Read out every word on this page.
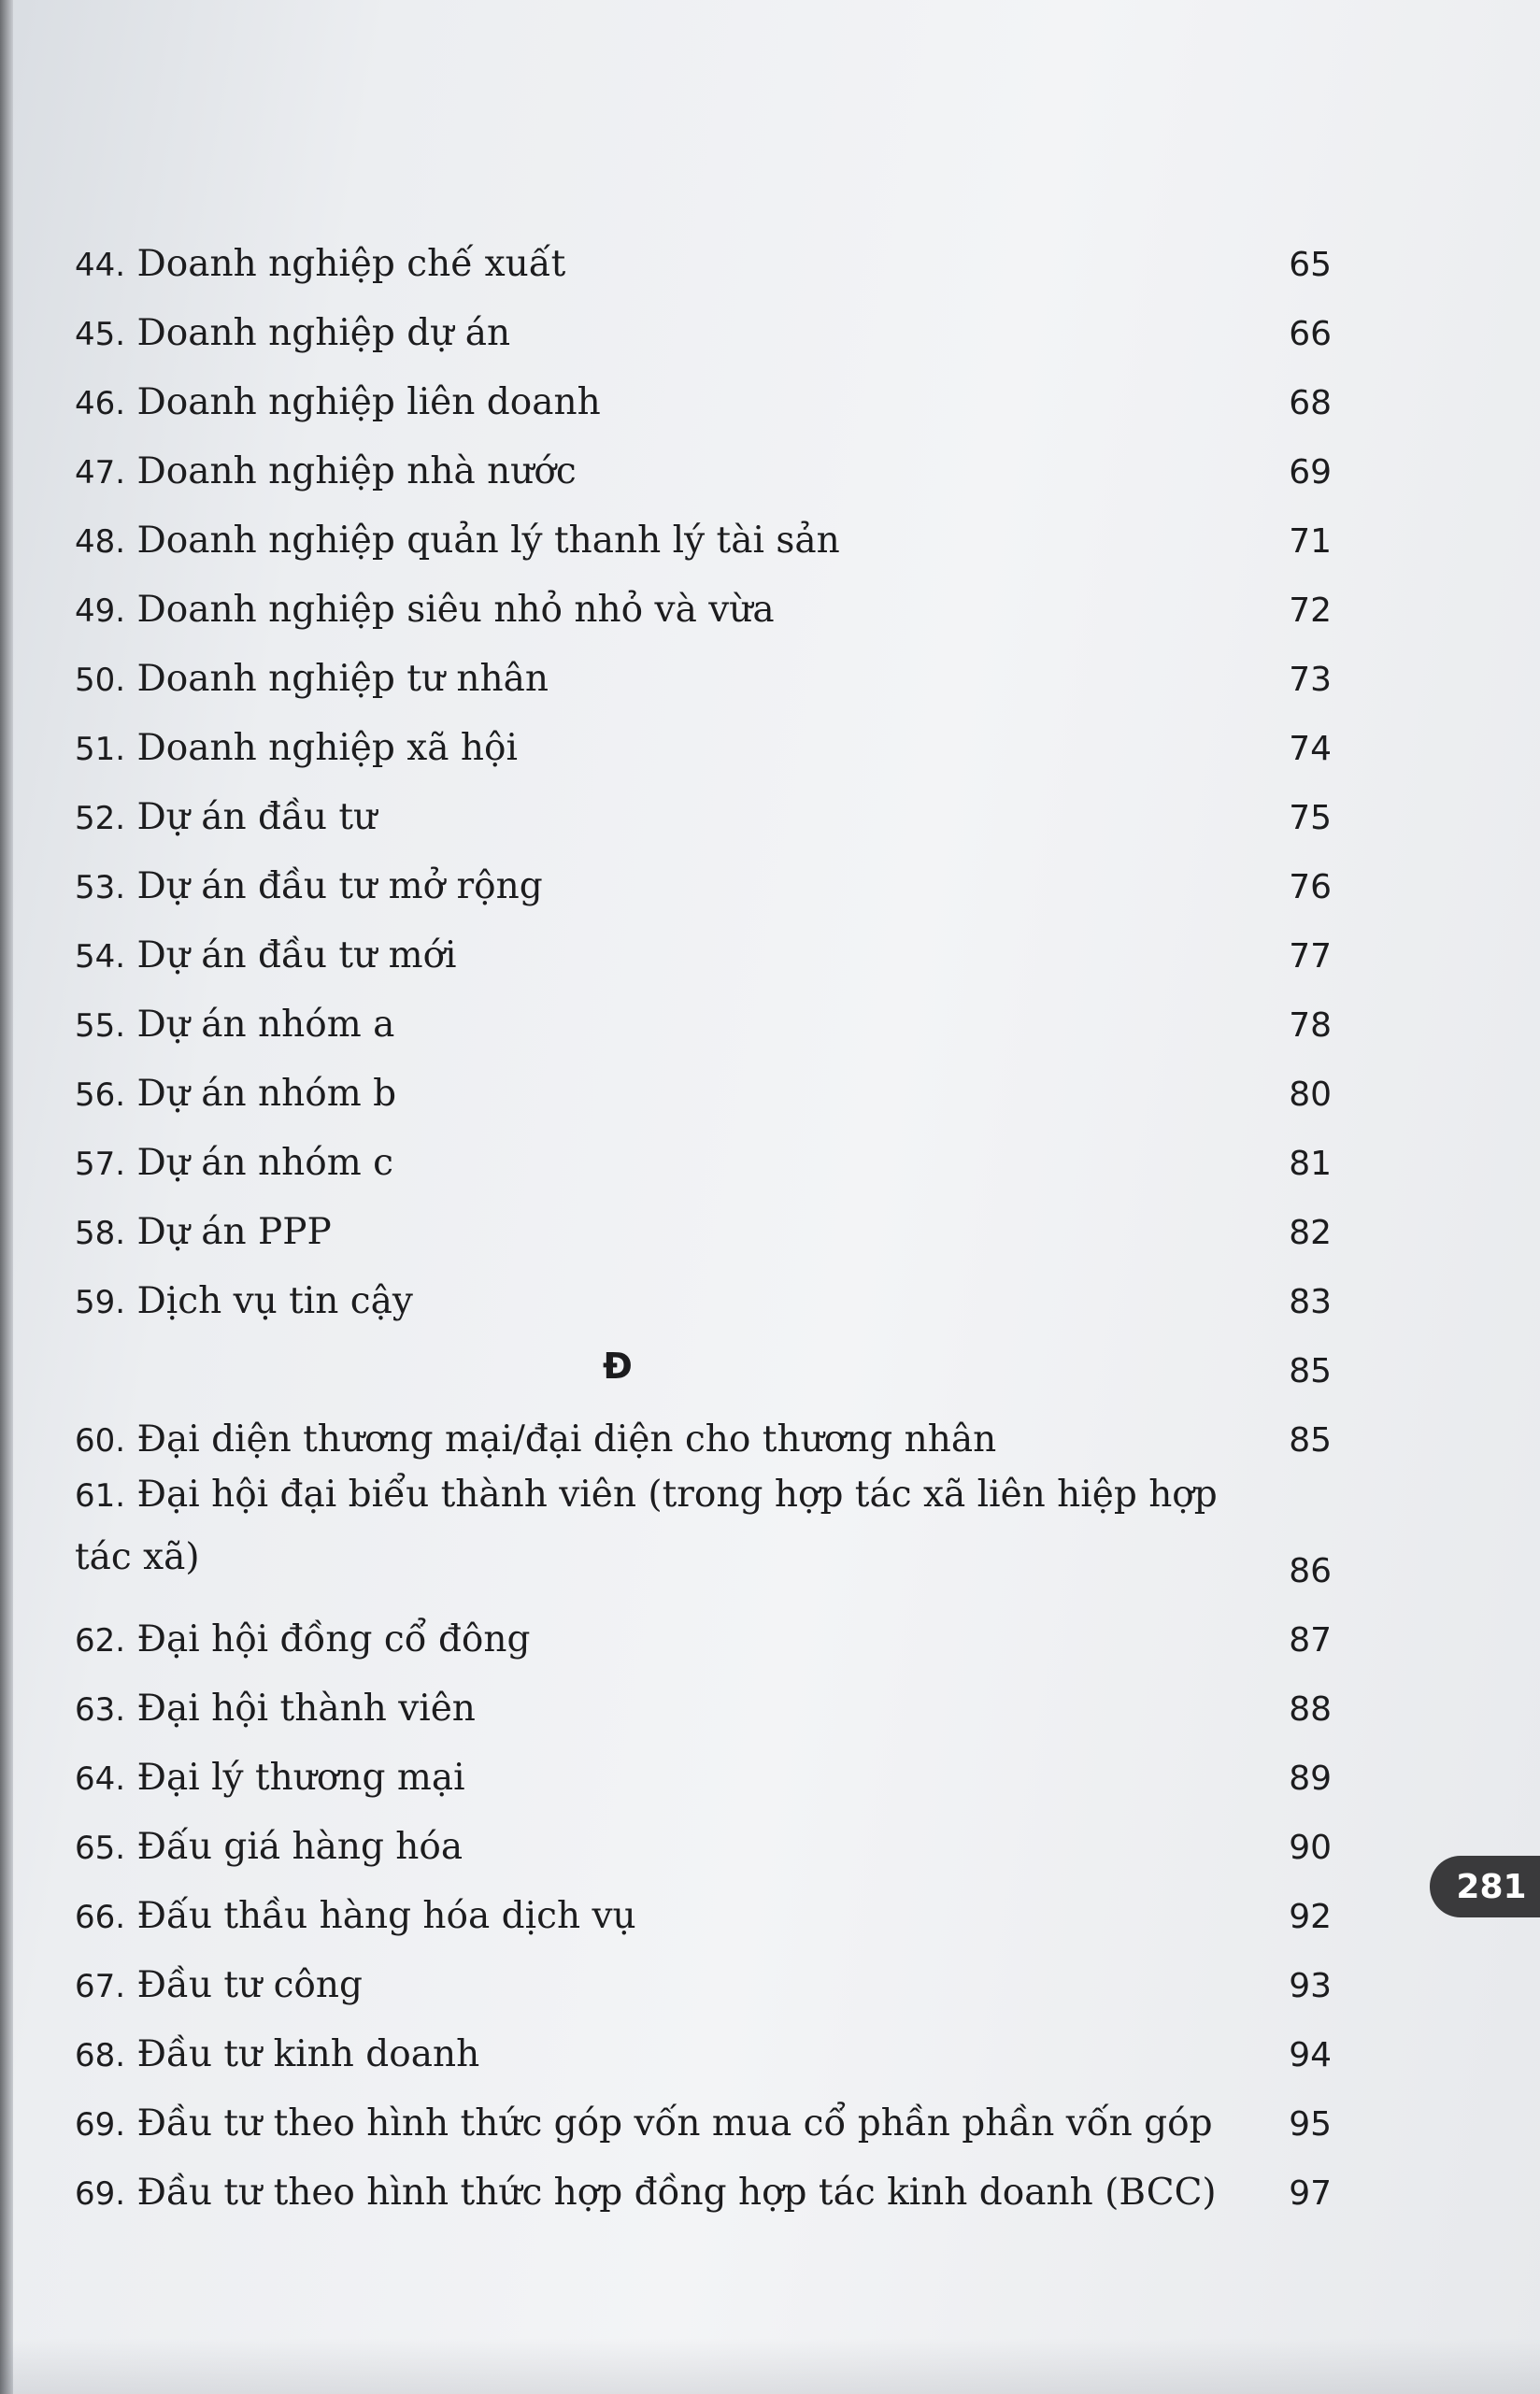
44. Doanh nghiệp chế xuất	65
45. Doanh nghiệp dự án	66
46. Doanh nghiệp liên doanh	68
47. Doanh nghiệp nhà nước	69
48. Doanh nghiệp quản lý thanh lý tài sản	71
49. Doanh nghiệp siêu nhỏ nhỏ và vừa	72
50. Doanh nghiệp tư nhân	73
51. Doanh nghiệp xã hội	74
52. Dự án đầu tư	75
53. Dự án đầu tư mở rộng	76
54. Dự án đầu tư mới	77
55. Dự án nhóm a	78
56. Dự án nhóm b	80
57. Dự án nhóm c	81
58. Dự án PPP	82
59. Dịch vụ tin cậy	83
Đ	85
60. Đại diện thương mại/đại diện cho thương nhân	85
61. Đại hội đại biểu thành viên (trong hợp tác xã liên hiệp hợp tác xã)	86
62. Đại hội đồng cổ đông	87
63. Đại hội thành viên	88
64. Đại lý thương mại	89
65. Đấu giá hàng hóa	90
66. Đấu thầu hàng hóa dịch vụ	92
67. Đầu tư công	93
68. Đầu tư kinh doanh	94
69. Đầu tư theo hình thức góp vốn mua cổ phần phần vốn góp 95
69. Đầu tư theo hình thức hợp đồng hợp tác kinh doanh (BCC) 97
281
